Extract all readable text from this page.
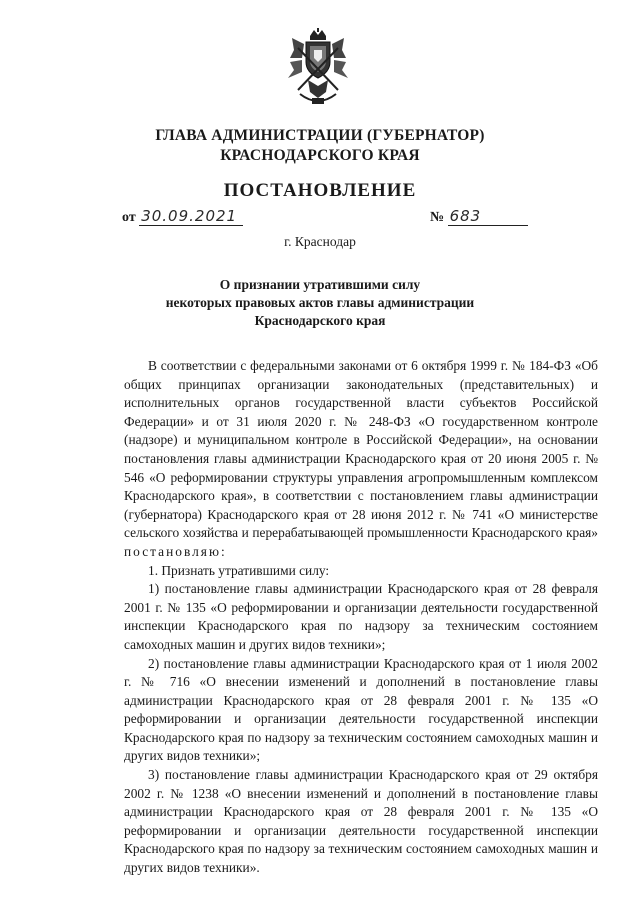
ГЛАВА АДМИНИСТРАЦИИ (ГУБЕРНАТОР)
КРАСНОДАРСКОГО КРАЯ
ПОСТАНОВЛЕНИЕ
от 30.09.2021	№ 683
г. Краснодар
О признании утратившими силу
некоторых правовых актов главы администрации
Краснодарского края

В соответствии с федеральными законами от 6 октября 1999 г. № 184-ФЗ «Об общих принципах организации законодательных (представительных) и исполнительных органов государственной власти субъектов Российской Федерации» и от 31 июля 2020 г. № 248-ФЗ «О государственном контроле (надзоре) и муниципальном контроле в Российской Федерации», на основании постановления главы администрации Краснодарского края от 20 июня 2005 г. № 546 «О реформировании структуры управления агропромышленным комплексом Краснодарского края», в соответствии с постановлением главы администрации (губернатора) Краснодарского края от 28 июня 2012 г. № 741 «О министерстве сельского хозяйства и перерабатывающей промышленности Краснодарского края» постановляю:

1. Признать утратившими силу:

1) постановление главы администрации Краснодарского края от 28 февраля 2001 г. № 135 «О реформировании и организации деятельности государственной инспекции Краснодарского края по надзору за техническим состоянием самоходных машин и других видов техники»;

2) постановление главы администрации Краснодарского края от 1 июля 2002 г. № 716 «О внесении изменений и дополнений в постановление главы администрации Краснодарского края от 28 февраля 2001 г. № 135 «О реформировании и организации деятельности государственной инспекции Краснодарского края по надзору за техническим состоянием самоходных машин и других видов техники»;

3) постановление главы администрации Краснодарского края от 29 октября 2002 г. № 1238 «О внесении изменений и дополнений в постановление главы администрации Краснодарского края от 28 февраля 2001 г. № 135 «О реформировании и организации деятельности государственной инспекции Краснодарского края по надзору за техническим состоянием самоходных машин и других видов техники».
